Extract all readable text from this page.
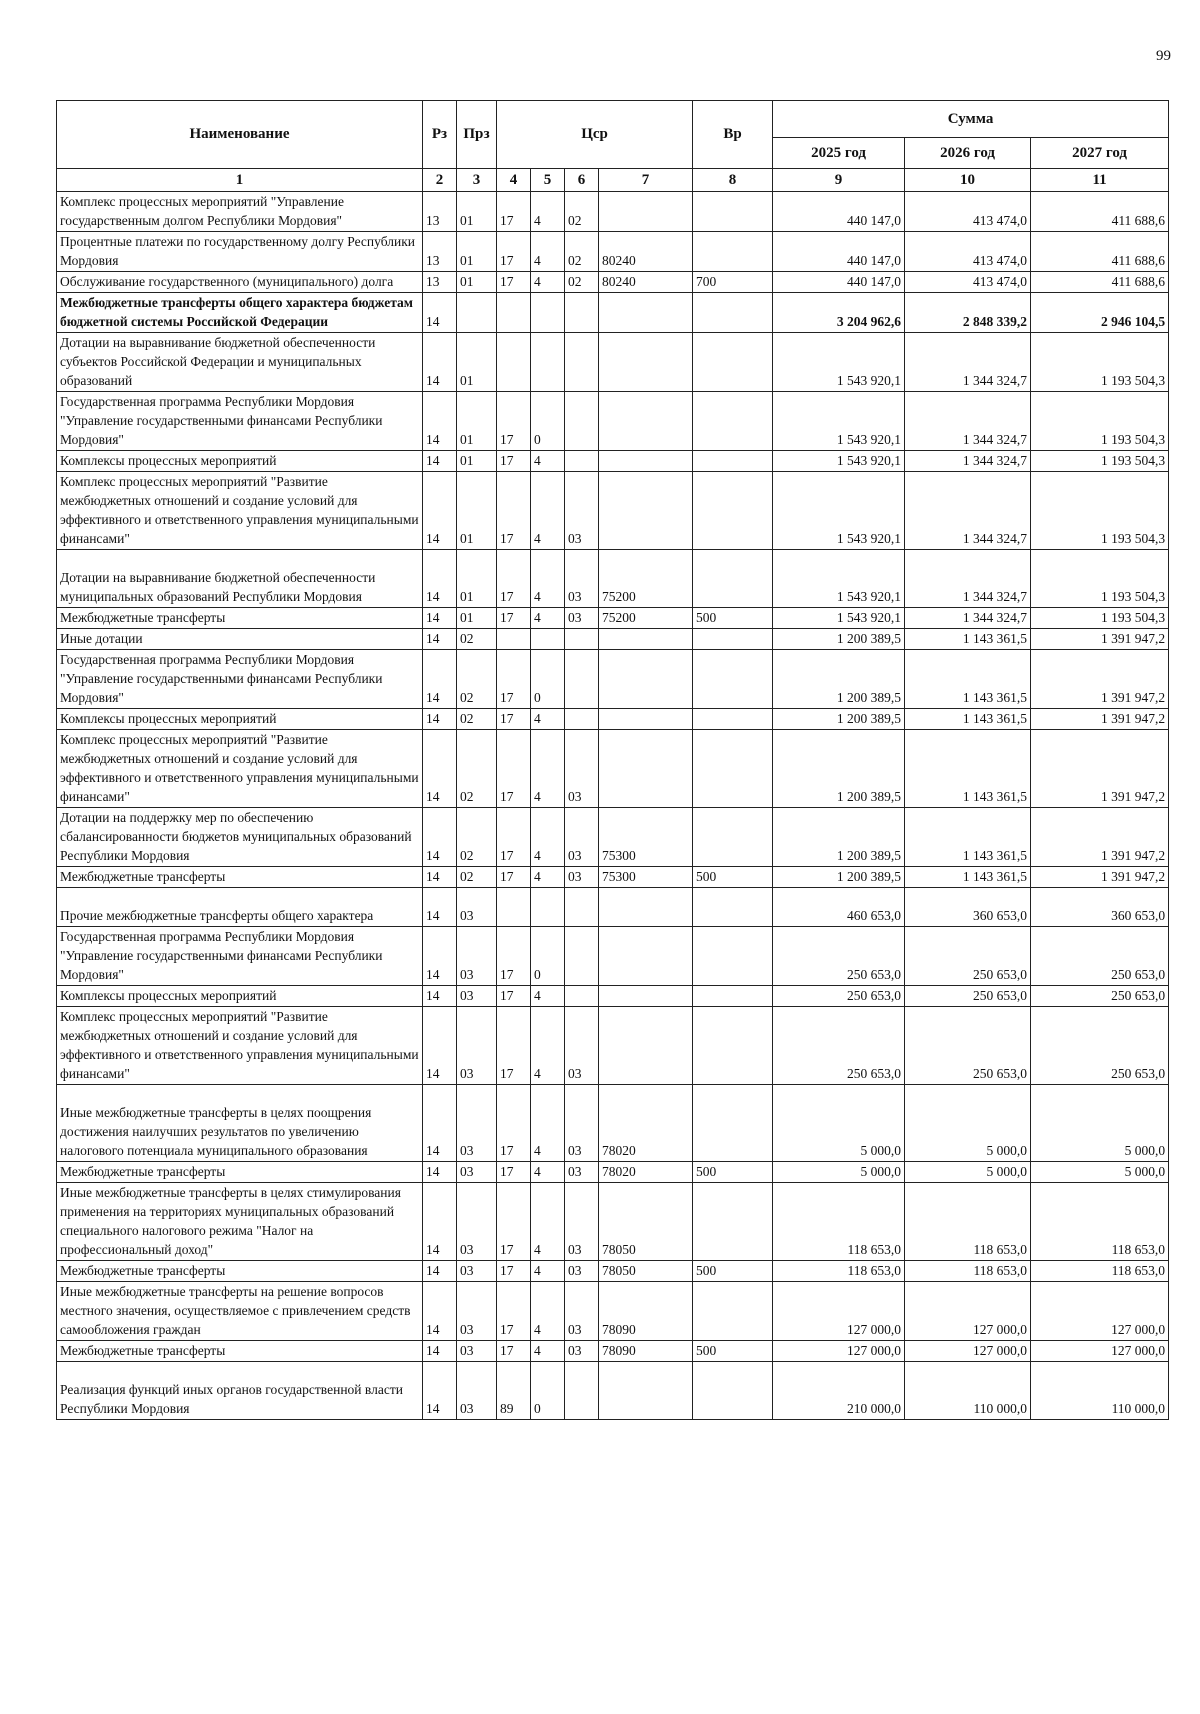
99
Наименование	Рз	Прз	Цср				Вр	Сумма		
								2025 год	2026 год	2027 год
1	2	3	4	5	6	7	8	9	10	11
Комплекс процессных мероприятий "Управление государственным долгом Республики Мордовия"	13	01	17	4	02			440 147,0	413 474,0	411 688,6
Процентные платежи по государственному долгу Республики Мордовия	13	01	17	4	02	80240		440 147,0	413 474,0	411 688,6
Обслуживание государственного (муниципального) долга	13	01	17	4	02	80240	700	440 147,0	413 474,0	411 688,6
Межбюджетные трансферты общего характера бюджетам бюджетной системы Российской Федерации	14							3 204 962,6	2 848 339,2	2 946 104,5
Дотации на выравнивание бюджетной обеспеченности субъектов Российской Федерации и муниципальных образований	14	01						1 543 920,1	1 344 324,7	1 193 504,3
Государственная программа Республики Мордовия "Управление государственными финансами Республики Мордовия"	14	01	17	0				1 543 920,1	1 344 324,7	1 193 504,3
Комплексы процессных мероприятий	14	01	17	4				1 543 920,1	1 344 324,7	1 193 504,3
Комплекс процессных мероприятий "Развитие межбюджетных отношений и создание условий для эффективного и ответственного управления муниципальными финансами"	14	01	17	4	03			1 543 920,1	1 344 324,7	1 193 504,3
Дотации на выравнивание бюджетной обеспеченности муниципальных образований Республики Мордовия	14	01	17	4	03	75200		1 543 920,1	1 344 324,7	1 193 504,3
Межбюджетные трансферты	14	01	17	4	03	75200	500	1 543 920,1	1 344 324,7	1 193 504,3
Иные дотации	14	02						1 200 389,5	1 143 361,5	1 391 947,2
Государственная программа Республики Мордовия "Управление государственными финансами Республики Мордовия"	14	02	17	0				1 200 389,5	1 143 361,5	1 391 947,2
Комплексы процессных мероприятий	14	02	17	4				1 200 389,5	1 143 361,5	1 391 947,2
Комплекс процессных мероприятий "Развитие межбюджетных отношений и создание условий для эффективного и ответственного управления муниципальными финансами"	14	02	17	4	03			1 200 389,5	1 143 361,5	1 391 947,2
Дотации на поддержку мер по обеспечению сбалансированности бюджетов муниципальных образований Республики Мордовия	14	02	17	4	03	75300		1 200 389,5	1 143 361,5	1 391 947,2
Межбюджетные трансферты	14	02	17	4	03	75300	500	1 200 389,5	1 143 361,5	1 391 947,2
Прочие межбюджетные трансферты общего характера	14	03						460 653,0	360 653,0	360 653,0
Государственная программа Республики Мордовия "Управление государственными финансами Республики Мордовия"	14	03	17	0				250 653,0	250 653,0	250 653,0
Комплексы процессных мероприятий	14	03	17	4				250 653,0	250 653,0	250 653,0
Комплекс процессных мероприятий "Развитие межбюджетных отношений и создание условий для эффективного и ответственного управления муниципальными финансами"	14	03	17	4	03			250 653,0	250 653,0	250 653,0
Иные межбюджетные трансферты в целях поощрения достижения наилучших результатов по увеличению налогового потенциала муниципального образования	14	03	17	4	03	78020		5 000,0	5 000,0	5 000,0
Межбюджетные трансферты	14	03	17	4	03	78020	500	5 000,0	5 000,0	5 000,0
Иные межбюджетные трансферты в целях стимулирования применения на территориях муниципальных образований специального налогового режима "Налог на профессиональный доход"	14	03	17	4	03	78050		118 653,0	118 653,0	118 653,0
Межбюджетные трансферты	14	03	17	4	03	78050	500	118 653,0	118 653,0	118 653,0
Иные межбюджетные трансферты на решение вопросов местного значения, осуществляемое с привлечением средств самообложения граждан	14	03	17	4	03	78090		127 000,0	127 000,0	127 000,0
Межбюджетные трансферты	14	03	17	4	03	78090	500	127 000,0	127 000,0	127 000,0
Реализация функций иных органов государственной власти Республики Мордовия	14	03	89	0				210 000,0	110 000,0	110 000,0
